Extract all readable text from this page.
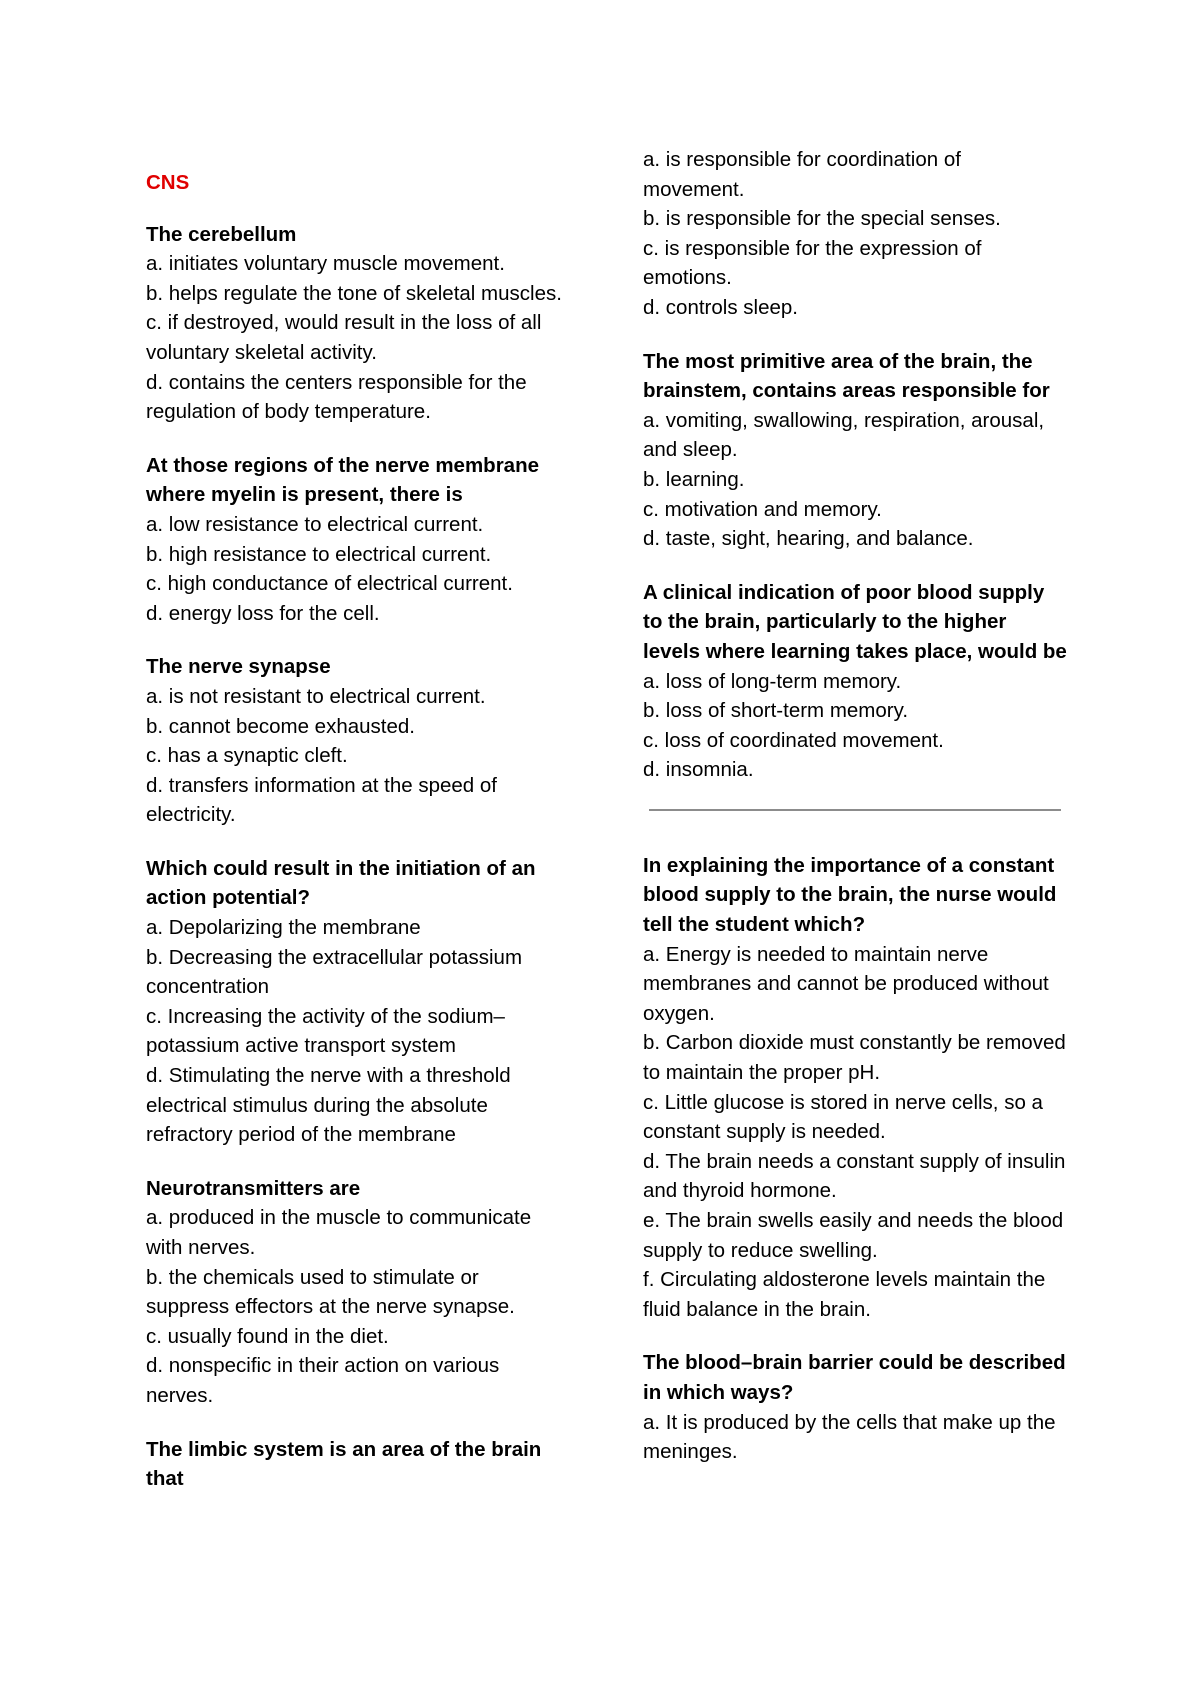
CNS
The cerebellum
a. initiates voluntary muscle movement.
b. helps regulate the tone of skeletal muscles.
c. if destroyed, would result in the loss of all voluntary skeletal activity.
d. contains the centers responsible for the regulation of body temperature.
At those regions of the nerve membrane where myelin is present, there is
a. low resistance to electrical current.
b. high resistance to electrical current.
c. high conductance of electrical current.
d. energy loss for the cell.
The nerve synapse
a. is not resistant to electrical current.
b. cannot become exhausted.
c. has a synaptic cleft.
d. transfers information at the speed of electricity.
Which could result in the initiation of an action potential?
a. Depolarizing the membrane
b. Decreasing the extracellular potassium concentration
c. Increasing the activity of the sodium–potassium active transport system
d. Stimulating the nerve with a threshold electrical stimulus during the absolute refractory period of the membrane
Neurotransmitters are
a. produced in the muscle to communicate with nerves.
b. the chemicals used to stimulate or suppress effectors at the nerve synapse.
c. usually found in the diet.
d. nonspecific in their action on various nerves.
The limbic system is an area of the brain that
a. is responsible for coordination of movement.
b. is responsible for the special senses.
c. is responsible for the expression of emotions.
d. controls sleep.
The most primitive area of the brain, the brainstem, contains areas responsible for
a. vomiting, swallowing, respiration, arousal, and sleep.
b. learning.
c. motivation and memory.
d. taste, sight, hearing, and balance.
A clinical indication of poor blood supply to the brain, particularly to the higher levels where learning takes place, would be
a. loss of long-term memory.
b. loss of short-term memory.
c. loss of coordinated movement.
d. insomnia.
In explaining the importance of a constant blood supply to the brain, the nurse would tell the student which?
a. Energy is needed to maintain nerve membranes and cannot be produced without oxygen.
b. Carbon dioxide must constantly be removed to maintain the proper pH.
c. Little glucose is stored in nerve cells, so a constant supply is needed.
d. The brain needs a constant supply of insulin and thyroid hormone.
e. The brain swells easily and needs the blood supply to reduce swelling.
f. Circulating aldosterone levels maintain the fluid balance in the brain.
The blood–brain barrier could be described in which ways?
a. It is produced by the cells that make up the meninges.
